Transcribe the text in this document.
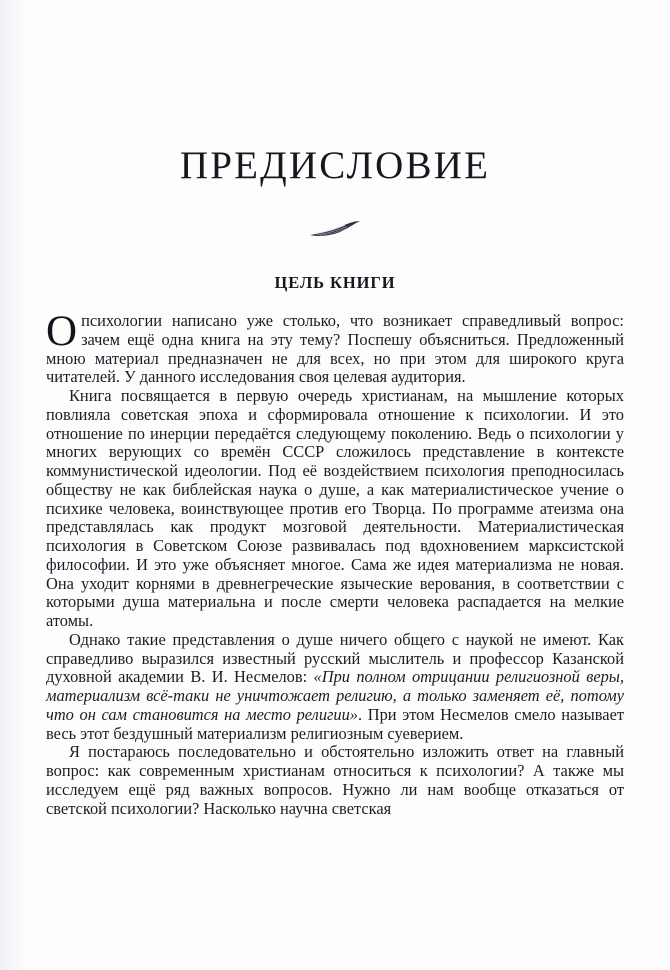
ПРЕДИСЛОВИЕ
ЦЕЛЬ КНИГИ

О психологии написано уже столько, что возникает справедливый вопрос: зачем ещё одна книга на эту тему? Поспешу объясниться. Предложенный мною материал предназначен не для всех, но при этом для широкого круга читателей. У данного исследования своя целевая аудитория.

Книга посвящается в первую очередь христианам, на мышление которых повлияла советская эпоха и сформировала отношение к психологии. И это отношение по инерции передаётся следующему поколению. Ведь о психологии у многих верующих со времён СССР сложилось представление в контексте коммунистической идеологии. Под её воздействием психология преподносилась обществу не как библейская наука о душе, а как материалистическое учение о психике человека, воинствующее против его Творца. По программе атеизма она представлялась как продукт мозговой деятельности. Материалистическая психология в Советском Союзе развивалась под вдохновением марксистской философии. И это уже объясняет многое. Сама же идея материализма не новая. Она уходит корнями в древнегреческие языческие верования, в соответствии с которыми душа материальна и после смерти человека распадается на мелкие атомы.

Однако такие представления о душе ничего общего с наукой не имеют. Как справедливо выразился известный русский мыслитель и профессор Казанской духовной академии В. И. Несмелов: «При полном отрицании религиозной веры, материализм всё-таки не уничтожает религию, а только заменяет её, потому что он сам становится на место религии». При этом Несмелов смело называет весь этот бездушный материализм религиозным суеверием.

Я постараюсь последовательно и обстоятельно изложить ответ на главный вопрос: как современным христианам относиться к психологии? А также мы исследуем ещё ряд важных вопросов. Нужно ли нам вообще отказаться от светской психологии? Насколько научна светская
